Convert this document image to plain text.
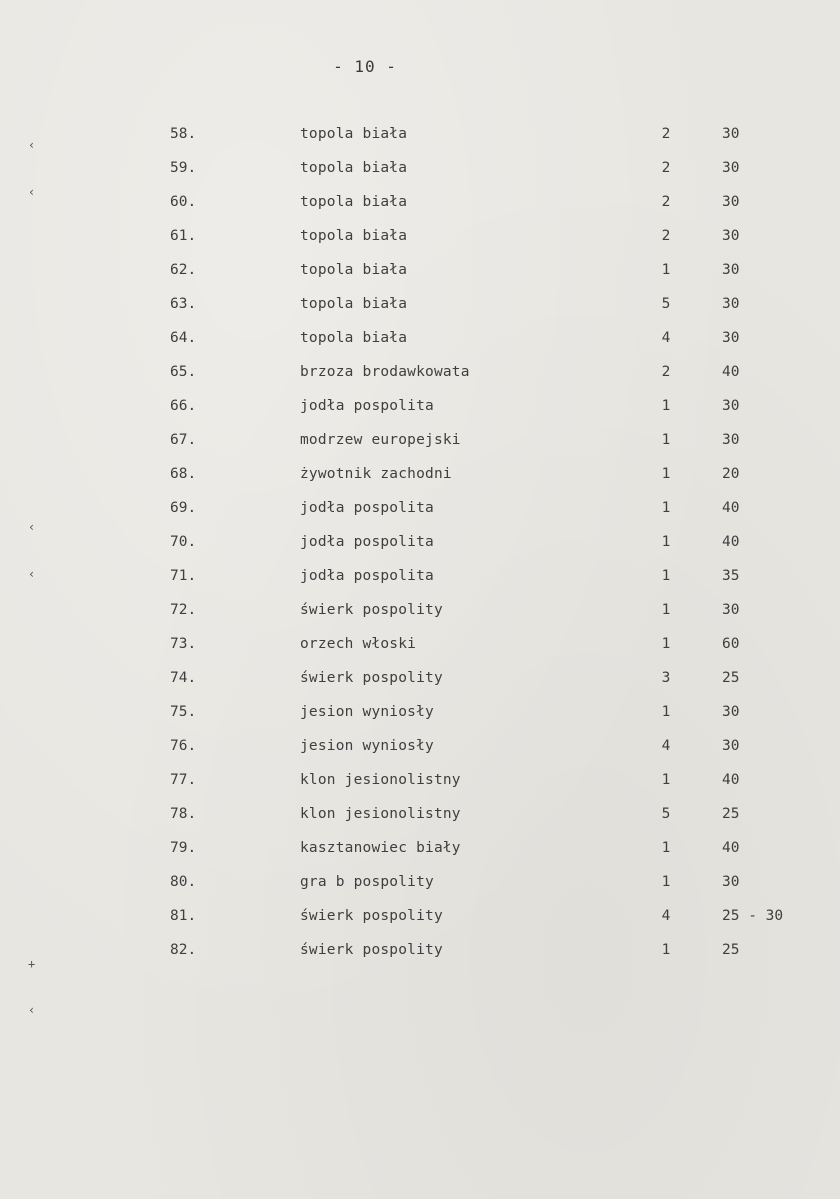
- 10 -
‹
‹
‹
‹
+
‹
58.	topola biała	2	30
59.	topola biała	2	30
60.	topola biała	2	30
61.	topola biała	2	30
62.	topola biała	1	30
63.	topola biała	5	30
64.	topola biała	4	30
65.	brzoza brodawkowata	2	40
66.	jodła pospolita	1	30
67.	modrzew europejski	1	30
68.	żywotnik zachodni	1	20
69.	jodła pospolita	1	40
70.	jodła pospolita	1	40
71.	jodła pospolita	1	35
72.	świerk pospolity	1	30
73.	orzech włoski	1	60
74.	świerk pospolity	3	25
75.	jesion wyniosły	1	30
76.	jesion wyniosły	4	30
77.	klon jesionolistny	1	40
78.	klon jesionolistny	5	25
79.	kasztanowiec biały	1	40
80.	gra b pospolity	1	30
81.	świerk pospolity	4	25 - 30
82.	świerk pospolity	1	25
